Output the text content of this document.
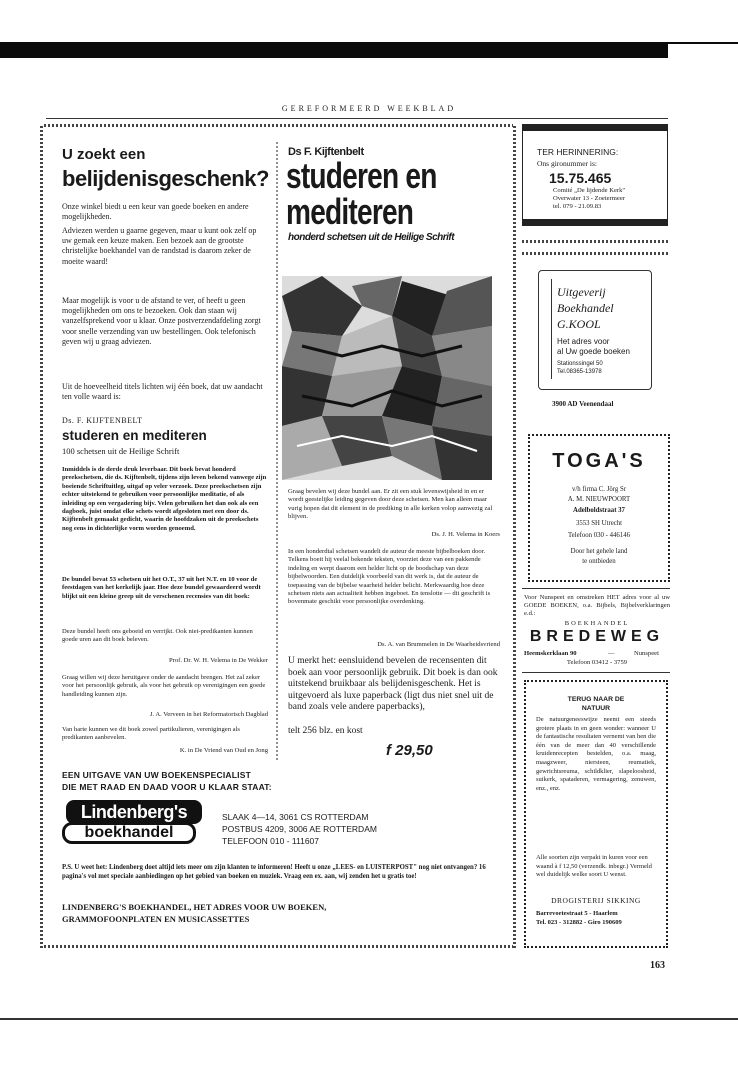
GEREFORMEERD WEEKBLAD
U zoekt een
belijdenisgeschenk?
Onze winkel biedt u een keur van goede boeken en andere mogelijkheden.
Adviezen werden u gaarne gegeven, maar u kunt ook zelf op uw gemak een keuze maken. Een bezoek aan de grootste christelijke boekhandel van de randstad is daarom zeker de moeite waard!
Maar mogelijk is voor u de afstand te ver, of heeft u geen mogelijkheden om ons te bezoeken. Ook dan staan wij vanzelfsprekend voor u klaar. Onze postverzendafdeling zorgt voor snelle verzending van uw bestellingen. Ook telefonisch geven wij u graag adviezen.
Uit de hoeveelheid titels lichten wij één boek, dat uw aandacht ten volle waard is:
Ds. F. KIJFTENBELT
studeren en mediteren
100 schetsen uit de Heilige Schrift
Inmiddels is de derde druk leverbaar. Dit boek bevat honderd preekschetsen, die ds. Kijftenbelt, tijdens zijn leven bekend vanwege zijn boeiende Schriftuitleg, uitgaf op veler verzoek. Deze preekschetsen zijn echter uitstekend te gebruiken voor persoonlijke meditatie, of als inleiding op een vergadering bijv. Velen gebruiken het dan ook als een dagboek, juist omdat elke schets wordt afgesloten met een door ds. Kijftenbelt gemaakt gedicht, waarin de hoofdzaken uit de preekschets nog eens in dichterlijke vorm worden genoemd.
De bundel bevat 53 schetsen uit het O.T., 37 uit het N.T. en 10 voor de feestdagen van het kerkelijk jaar. Hoe deze bundel gewaardeerd wordt blijkt uit een kleine greep uit de verschenen recensies van dit boek:
Deze bundel heeft ons geboeid en verrijkt. Ook niet-predikanten kunnen goede uren aan dit boek beleven.
Prof. Dr. W. H. Velema in De Wekker
Graag willen wij deze heruitgave onder de aandacht brengen. Het zal zeker voor het persoonlijk gebruik, als voor het gebruik op verenigingen een goede handleiding kunnen zijn.
J. A. Verveen in het Reformatorisch Dagblad
Van harte kunnen we dit boek zowel partikulieren, verenigingen als predikanten aanbevelen.
K. in De Vriend van Oud en Jong
Ds F. Kijftenbelt
studeren en
mediteren
honderd schetsen uit de Heilige Schrift
Graag bevelen wij deze bundel aan. Er zit een stuk levenswijsheid in en er wordt geestelijke leiding gegeven door deze schetsen. Men kan alleen maar vurig hopen dat dit element in de prediking in alle kerken volop aanwezig zal blijven.
Ds. J. H. Velema in Koers
In een honderdtal schetsen wandelt de auteur de meeste bijbelboeken door. Telkens boeit hij veelal bekende teksten, voorziet deze van een pakkende indeling en werpt daarom een helder licht op de boodschap van deze bijbelwoorden. Een duidelijk voorbeeld van dit werk is, dat de auteur de toepassing van de bijbelse waarheid helder belicht. Merkwaardig hoe deze schetsen niets aan actualiteit hebben ingeboet. En tenslotte — dit geschrift is bovenmate geschikt voor persoonlijke overdenking.
Ds. A. van Brummelen in De Waarheidsvriend
U merkt het: eensluidend bevelen de recensenten dit boek aan voor persoonlijk gebruik. Dit boek is dan ook uitstekend bruikbaar als belijdenisgeschenk. Het is uitgevoerd als luxe paperback (ligt dus niet snel uit de band zoals vele andere paperbacks),
telt 256 blz. en kost
f 29,50
EEN UITGAVE VAN UW BOEKENSPECIALIST
DIE MET RAAD EN DAAD VOOR U KLAAR STAAT:
Lindenberg's
boekhandel
SLAAK 4—14, 3061 CS ROTTERDAM
POSTBUS 4209, 3006 AE ROTTERDAM
TELEFOON 010 - 111607
P.S. U weet het: Lindenberg doet altijd iets meer om zijn klanten te informeren! Heeft u onze „LEES- en LUISTERPOST" nog niet ontvangen? 16 pagina's vol met speciale aanbiedingen op het gebied van boeken en muziek. Vraag een ex. aan, wij zenden het u gratis toe!
LINDENBERG'S BOEKHANDEL, HET ADRES VOOR UW BOEKEN,
GRAMMOFOONPLATEN EN MUSICASSETTES
TER HERINNERING:
Ons gironummer is:
15.75.465
Comité „De lijdende Kerk"
Overwater 13 - Zoetermeer
tel. 079 - 21.09.83
Uitgeverij
Boekhandel
G.KOOL
Het adres voor
al Uw goede boeken
Stationssingel 50
Tel.08365-13978
3900 AD Veenendaal
TOGA'S
v/h firma C. Jörg Sr
A. M. NIEUWPOORT
Adelboldstraat 37
3553 SH Utrecht
Telefoon 030 - 446146
Door het gehele land
te ontbieden
Voor Nunspeet en omstreken HET adres voor al uw GOEDE BOEKEN, o.a. Bijbels, Bijbelverklaringen e.d.:
BOEKHANDEL
BREDEWEG
Heemskerklaan 90	—	Nunspeet
Telefoon 03412 - 3759
TERUG NAAR DE
NATUUR
De natuurgeneeswijze neemt een steeds grotere plaats in en geen wonder: wanneer U de fantastische resultaten vernemt van hen die één van de meer dan 40 verschillende kruidenrecepten bestelden, o.a. maag, maagzweer, niersteen, reumatiek, gewrichtsreuma, schildklier, slapeloosheid, suikerk, spataderen, vermagering, zenuwen, enz., enz.
Alle soorten zijn verpakt in kuren voor een waand à f 12,50 (verzendk. inbegr.) Vermeld wel duidelijk welke soort U wenst.
DROGISTERIJ SIKKING
Barrevoetestraat 5 - Haarlem
Tel. 023 - 312882 - Giro 190609
163
